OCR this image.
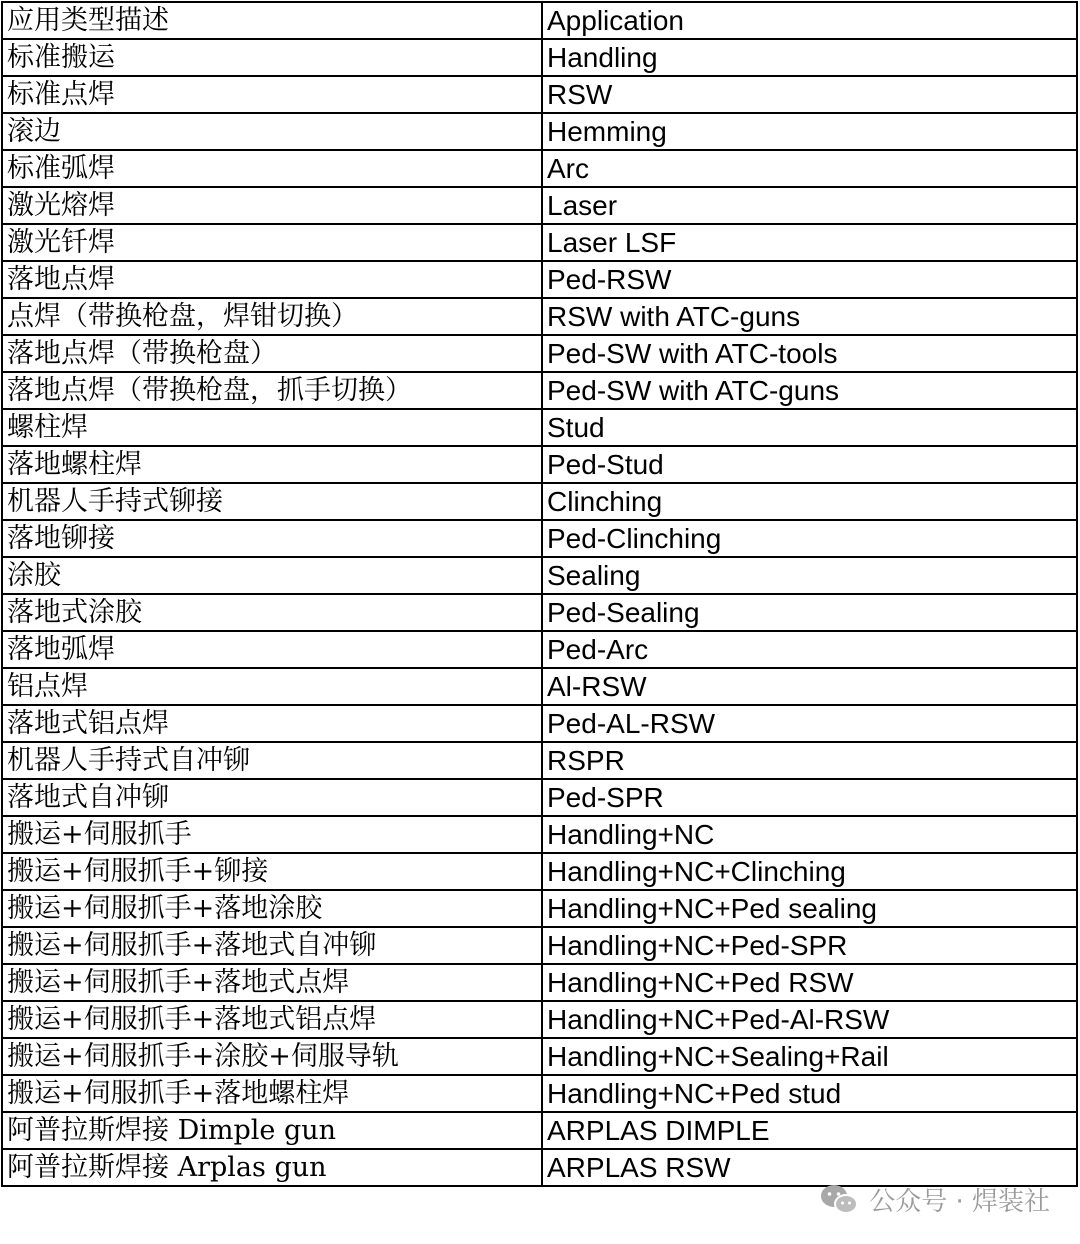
应用类型描述	Application
标准搬运	Handling
标准点焊	RSW
滚边	Hemming
标准弧焊	Arc
激光熔焊	Laser
激光钎焊	Laser LSF
落地点焊	Ped-RSW
点焊（带换枪盘，焊钳切换）	RSW with ATC-guns
落地点焊（带换枪盘）	Ped-SW with ATC-tools
落地点焊（带换枪盘，抓手切换）	Ped-SW with ATC-guns
螺柱焊	Stud
落地螺柱焊	Ped-Stud
机器人手持式铆接	Clinching
落地铆接	Ped-Clinching
涂胶	Sealing
落地式涂胶	Ped-Sealing
落地弧焊	Ped-Arc
铝点焊	Al-RSW
落地式铝点焊	Ped-AL-RSW
机器人手持式自冲铆	RSPR
落地式自冲铆	Ped-SPR
搬运+伺服抓手	Handling+NC
搬运+伺服抓手+铆接	Handling+NC+Clinching
搬运+伺服抓手+落地涂胶	Handling+NC+Ped sealing
搬运+伺服抓手+落地式自冲铆	Handling+NC+Ped-SPR
搬运+伺服抓手+落地式点焊	Handling+NC+Ped RSW
搬运+伺服抓手+落地式铝点焊	Handling+NC+Ped-Al-RSW
搬运+伺服抓手+涂胶+伺服导轨	Handling+NC+Sealing+Rail
搬运+伺服抓手+落地螺柱焊	Handling+NC+Ped stud
阿普拉斯焊接 Dimple gun	ARPLAS DIMPLE
阿普拉斯焊接 Arplas gun	ARPLAS RSW
公众号 · 焊装社
